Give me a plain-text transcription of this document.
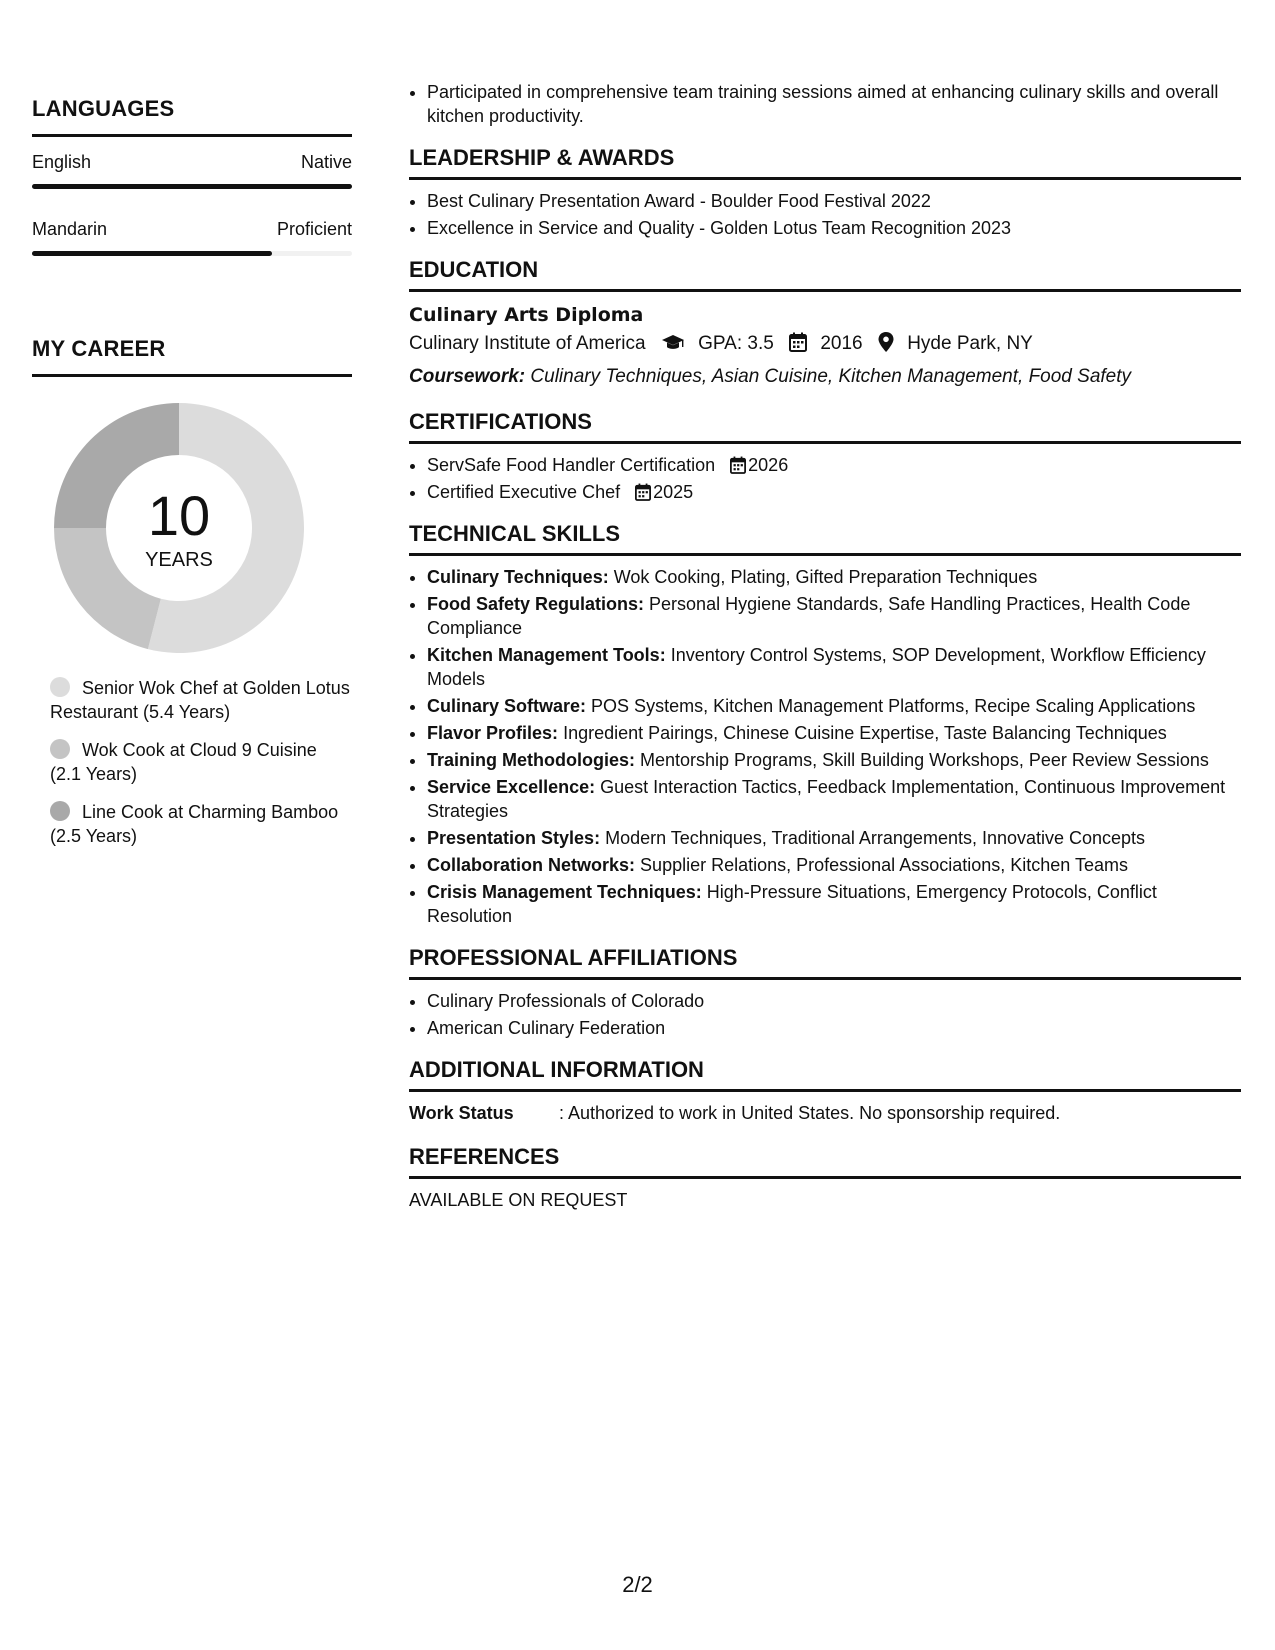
LANGUAGES
English	Native
Mandarin	Proficient
MY CAREER
10
YEARS
Senior Wok Chef at Golden Lotus Restaurant (5.4 Years)
Wok Cook at Cloud 9 Cuisine (2.1 Years)
Line Cook at Charming Bamboo (2.5 Years)
• Participated in comprehensive team training sessions aimed at enhancing culinary skills and overall kitchen productivity.
LEADERSHIP & AWARDS
• Best Culinary Presentation Award - Boulder Food Festival 2022
• Excellence in Service and Quality - Golden Lotus Team Recognition 2023
EDUCATION
Culinary Arts Diploma
Culinary Institute of America	GPA: 3.5 2016 Hyde Park, NY
Coursework: Culinary Techniques, Asian Cuisine, Kitchen Management, Food Safety
CERTIFICATIONS
• ServSafe Food Handler Certification 2026
• Certified Executive Chef 2025
TECHNICAL SKILLS
• Culinary Techniques: Wok Cooking, Plating, Gifted Preparation Techniques
• Food Safety Regulations: Personal Hygiene Standards, Safe Handling Practices, Health Code Compliance
• Kitchen Management Tools: Inventory Control Systems, SOP Development, Workflow Efficiency Models
• Culinary Software: POS Systems, Kitchen Management Platforms, Recipe Scaling Applications
• Flavor Profiles: Ingredient Pairings, Chinese Cuisine Expertise, Taste Balancing Techniques
• Training Methodologies: Mentorship Programs, Skill Building Workshops, Peer Review Sessions
• Service Excellence: Guest Interaction Tactics, Feedback Implementation, Continuous Improvement Strategies
• Presentation Styles: Modern Techniques, Traditional Arrangements, Innovative Concepts
• Collaboration Networks: Supplier Relations, Professional Associations, Kitchen Teams
• Crisis Management Techniques: High-Pressure Situations, Emergency Protocols, Conflict Resolution
PROFESSIONAL AFFILIATIONS
• Culinary Professionals of Colorado
• American Culinary Federation
ADDITIONAL INFORMATION
Work Status	: Authorized to work in United States. No sponsorship required.
REFERENCES
AVAILABLE ON REQUEST
2/2
